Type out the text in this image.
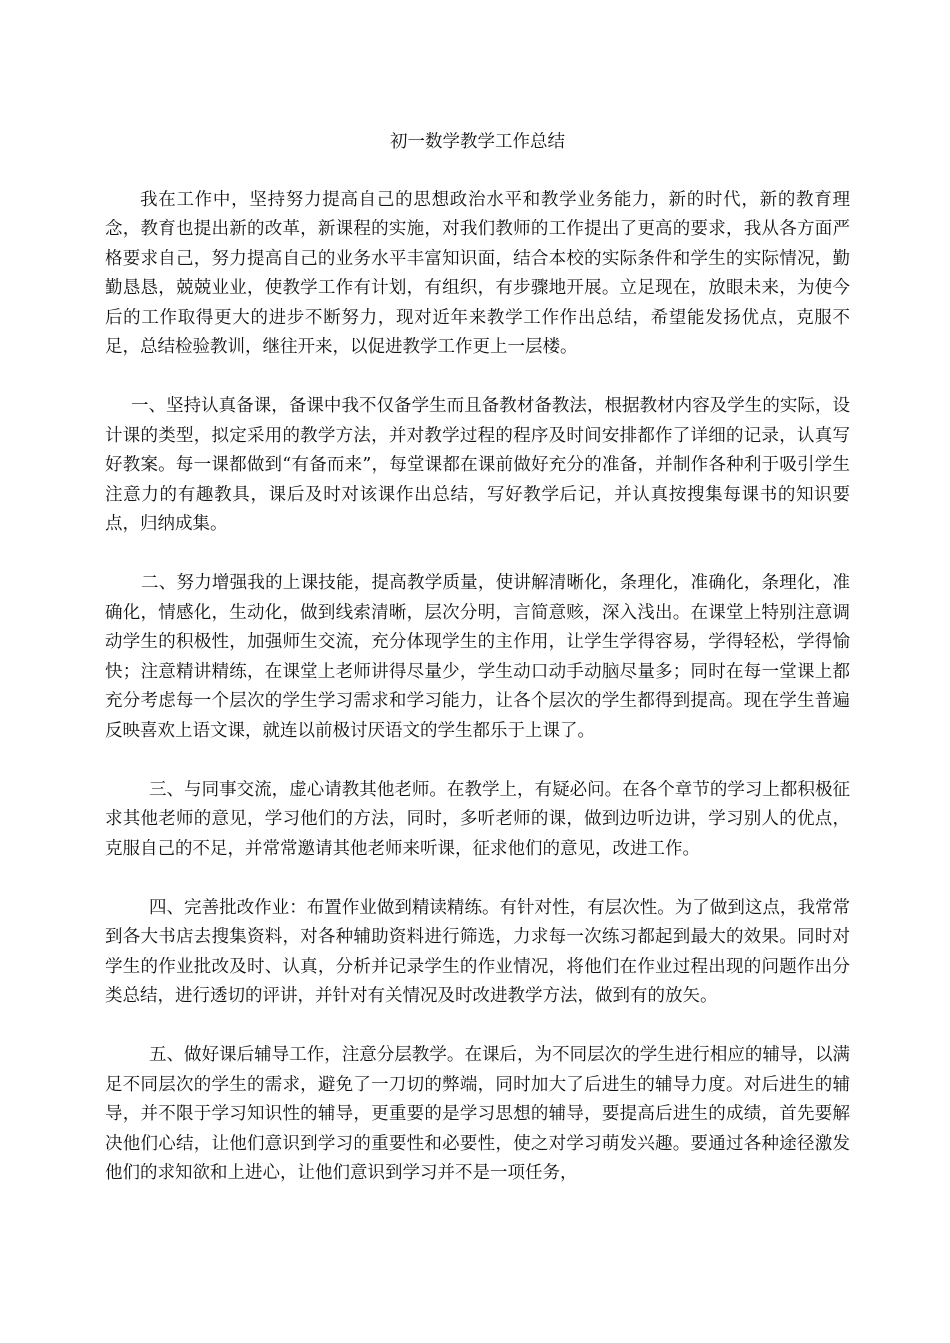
初一数学教学工作总结

我在工作中，坚持努力提高自己的思想政治水平和教学业务能力，新的时代，新的教育理念，教育也提出新的改革，新课程的实施，对我们教师的工作提出了更高的要求，我从各方面严格要求自己，努力提高自己的业务水平丰富知识面，结合本校的实际条件和学生的实际情况，勤勤恳恳，兢兢业业，使教学工作有计划，有组织，有步骤地开展。立足现在，放眼未来，为使今后的工作取得更大的进步不断努力，现对近年来教学工作作出总结，希望能发扬优点，克服不足，总结检验教训，继往开来，以促进教学工作更上一层楼。

一、坚持认真备课，备课中我不仅备学生而且备教材备教法，根据教材内容及学生的实际，设计课的类型，拟定采用的教学方法，并对教学过程的程序及时间安排都作了详细的记录，认真写好教案。每一课都做到“有备而来”，每堂课都在课前做好充分的准备，并制作各种利于吸引学生注意力的有趣教具，课后及时对该课作出总结，写好教学后记，并认真按搜集每课书的知识要点，归纳成集。

二、努力增强我的上课技能，提高教学质量，使讲解清晰化，条理化，准确化，条理化，准确化，情感化，生动化，做到线索清晰，层次分明，言简意赅，深入浅出。在课堂上特别注意调动学生的积极性，加强师生交流，充分体现学生的主作用，让学生学得容易，学得轻松，学得愉快；注意精讲精练，在课堂上老师讲得尽量少，学生动口动手动脑尽量多；同时在每一堂课上都充分考虑每一个层次的学生学习需求和学习能力，让各个层次的学生都得到提高。现在学生普遍反映喜欢上语文课，就连以前极讨厌语文的学生都乐于上课了。

三、与同事交流，虚心请教其他老师。在教学上，有疑必问。在各个章节的学习上都积极征求其他老师的意见，学习他们的方法，同时，多听老师的课，做到边听边讲，学习别人的优点，克服自己的不足，并常常邀请其他老师来听课，征求他们的意见，改进工作。

四、完善批改作业：布置作业做到精读精练。有针对性，有层次性。为了做到这点，我常常到各大书店去搜集资料，对各种辅助资料进行筛选，力求每一次练习都起到最大的效果。同时对学生的作业批改及时、认真，分析并记录学生的作业情况，将他们在作业过程出现的问题作出分类总结，进行透切的评讲，并针对有关情况及时改进教学方法，做到有的放矢。

五、做好课后辅导工作，注意分层教学。在课后，为不同层次的学生进行相应的辅导，以满足不同层次的学生的需求，避免了一刀切的弊端，同时加大了后进生的辅导力度。对后进生的辅导，并不限于学习知识性的辅导，更重要的是学习思想的辅导，要提高后进生的成绩，首先要解决他们心结，让他们意识到学习的重要性和必要性，使之对学习萌发兴趣。要通过各种途径激发他们的求知欲和上进心，让他们意识到学习并不是一项任务，
